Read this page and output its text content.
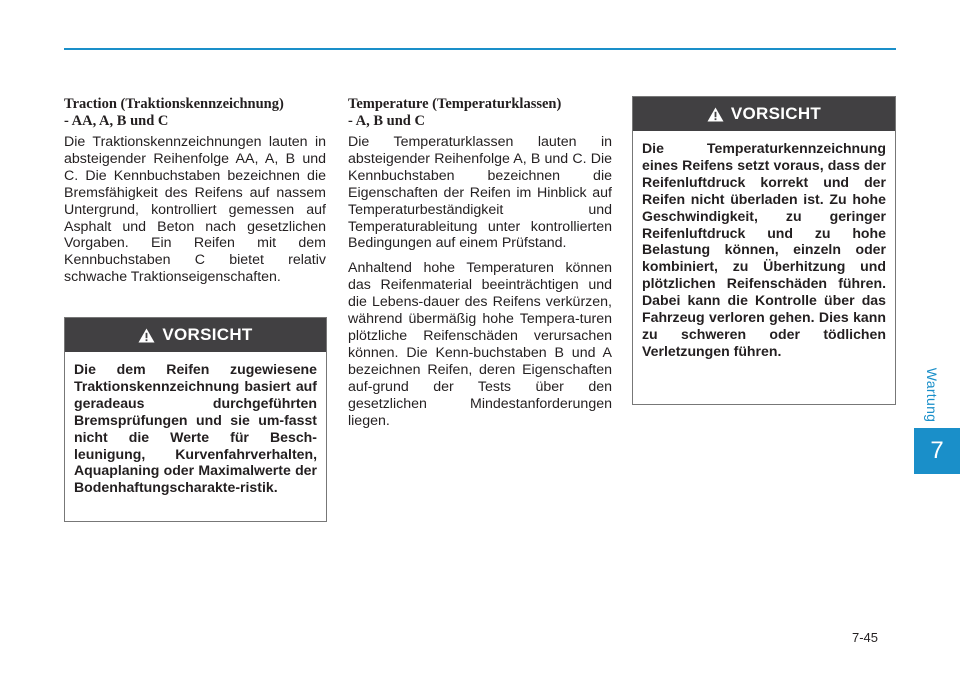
Wartung
7
Traction (Traktionskennzeichnung)
- AA, A, B und C

Die Traktionskennzeichnungen lauten in absteigender Reihenfolge AA, A, B und C. Die Kennbuchstaben bezeichnen die Bremsfähigkeit des Reifens auf nassem Untergrund, kontrolliert gemessen auf Asphalt und Beton nach gesetzlichen Vorgaben. Ein Reifen mit dem Kennbuchstaben C bietet relativ schwache Traktionseigenschaften.

VORSICHT

Die dem Reifen zugewiesene Traktionskennzeichnung basiert auf geradeaus durchgeführten Bremsprüfungen und sie um-fasst nicht die Werte für Besch-leunigung, Kurvenfahrverhalten, Aquaplaning oder Maximalwerte der Bodenhaftungscharakte-ristik.

Temperature (Temperaturklassen)
- A, B und C

Die Temperaturklassen lauten in absteigender Reihenfolge A, B und C. Die Kennbuchstaben bezeichnen die Eigenschaften der Reifen im Hinblick auf Temperaturbeständigkeit und Temperaturableitung unter kontrollierten Bedingungen auf einem Prüfstand.

Anhaltend hohe Temperaturen können das Reifenmaterial beeinträchtigen und die Lebens-dauer des Reifens verkürzen, während übermäßig hohe Tempera-turen plötzliche Reifenschäden verursachen können. Die Kenn-buchstaben B und A bezeichnen Reifen, deren Eigenschaften auf-grund der Tests über den gesetzlichen Mindestanforderungen liegen.

VORSICHT

Die Temperaturkennzeichnung eines Reifens setzt voraus, dass der Reifenluftdruck korrekt und der Reifen nicht überladen ist. Zu hohe Geschwindigkeit, zu geringer Reifenluftdruck und zu hohe Belastung können, einzeln oder kombiniert, zu Überhitzung und plötzlichen Reifenschäden führen. Dabei kann die Kontrolle über das Fahrzeug verloren gehen. Dies kann zu schweren oder tödlichen Verletzungen führen.

7-45
